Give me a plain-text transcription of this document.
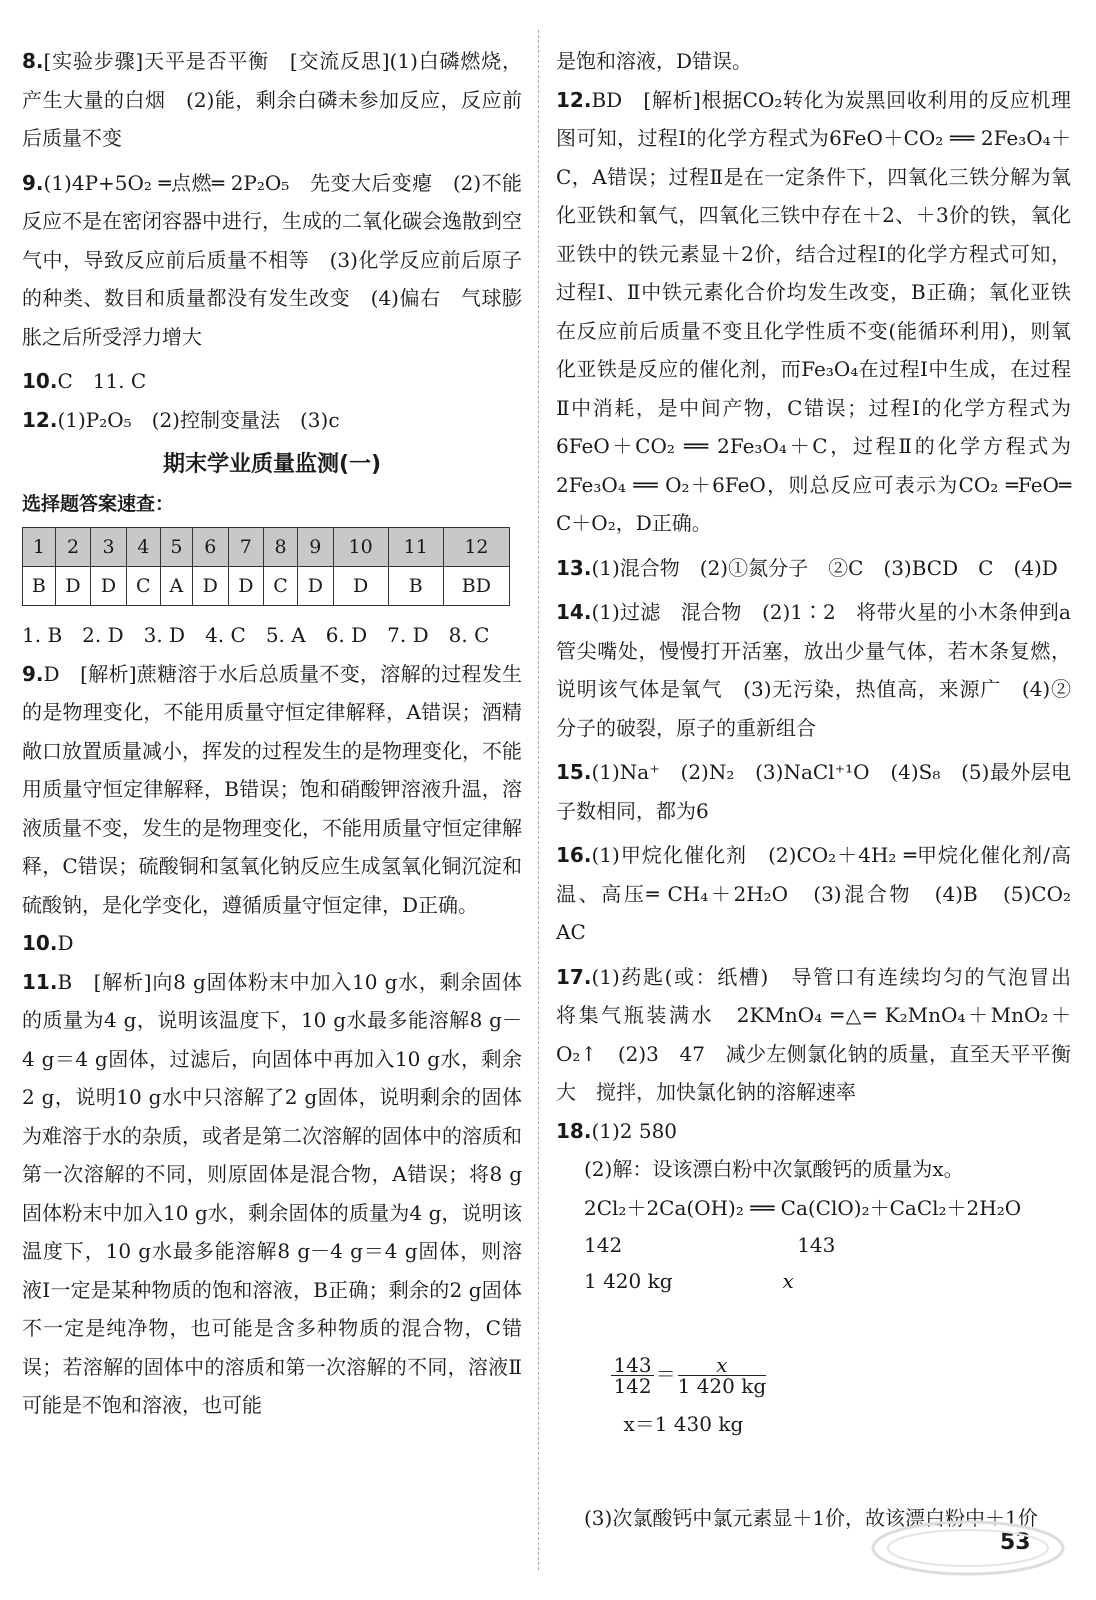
8.[实验步骤]天平是否平衡　[交流反思](1)白磷燃烧，产生大量的白烟　(2)能，剩余白磷未参加反应，反应前后质量不变

9.(1)4P+5O₂ ═点燃═ 2P₂O₅　先变大后变瘪　(2)不能　反应不是在密闭容器中进行，生成的二氧化碳会逸散到空气中，导致反应前后质量不相等　(3)化学反应前后原子的种类、数目和质量都没有发生改变　(4)偏右　气球膨胀之后所受浮力增大

10.C　11. C

12.(1)P₂O₅　(2)控制变量法　(3)c

期末学业质量监测(一)
选择题答案速查：
1	2	3	4	5	6	7	8	9	10	11	12
B	D	D	C	A	D	D	C	D	D	B	BD

1. B　2. D　3. D　4. C　5. A　6. D　7. D　8. C

9.D　[解析]蔗糖溶于水后总质量不变，溶解的过程发生的是物理变化，不能用质量守恒定律解释，A错误；酒精敞口放置质量减小，挥发的过程发生的是物理变化，不能用质量守恒定律解释，B错误；饱和硝酸钾溶液升温，溶液质量不变，发生的是物理变化，不能用质量守恒定律解释，C错误；硫酸铜和氢氧化钠反应生成氢氧化铜沉淀和硫酸钠，是化学变化，遵循质量守恒定律，D正确。

10.D

11.B　[解析]向8 g固体粉末中加入10 g水，剩余固体的质量为4 g，说明该温度下，10 g水最多能溶解8 g－4 g＝4 g固体，过滤后，向固体中再加入10 g水，剩余2 g，说明10 g水中只溶解了2 g固体，说明剩余的固体为难溶于水的杂质，或者是第二次溶解的固体中的溶质和第一次溶解的不同，则原固体是混合物，A错误；将8 g固体粉末中加入10 g水，剩余固体的质量为4 g，说明该温度下，10 g水最多能溶解8 g－4 g＝4 g固体，则溶液Ⅰ一定是某种物质的饱和溶液，B正确；剩余的2 g固体不一定是纯净物，也可能是含多种物质的混合物，C错误；若溶解的固体中的溶质和第一次溶解的不同，溶液Ⅱ可能是不饱和溶液，也可能

是饱和溶液，D错误。

12.BD　[解析]根据CO₂转化为炭黑回收利用的反应机理图可知，过程Ⅰ的化学方程式为6FeO＋CO₂ ══ 2Fe₃O₄＋C，A错误；过程Ⅱ是在一定条件下，四氧化三铁分解为氧化亚铁和氧气，四氧化三铁中存在＋2、＋3价的铁，氧化亚铁中的铁元素显＋2价，结合过程Ⅰ的化学方程式可知，过程Ⅰ、Ⅱ中铁元素化合价均发生改变，B正确；氧化亚铁在反应前后质量不变且化学性质不变(能循环利用)，则氧化亚铁是反应的催化剂，而Fe₃O₄在过程Ⅰ中生成，在过程Ⅱ中消耗，是中间产物，C错误；过程Ⅰ的化学方程式为6FeO＋CO₂ ══ 2Fe₃O₄＋C，过程Ⅱ的化学方程式为2Fe₃O₄ ══ O₂＋6FeO，则总反应可表示为CO₂ ═FeO═ C＋O₂，D正确。

13.(1)混合物　(2)①氮分子　②C　(3)BCD　C　(4)D

14.(1)过滤　混合物　(2)1∶2　将带火星的小木条伸到a管尖嘴处，慢慢打开活塞，放出少量气体，若木条复燃，说明该气体是氧气　(3)无污染，热值高，来源广　(4)②　分子的破裂，原子的重新组合

15.(1)Na⁺　(2)N₂　(3)NaCl⁺¹O　(4)S₈　(5)最外层电子数相同，都为6

16.(1)甲烷化催化剂　(2)CO₂＋4H₂ ═甲烷化催化剂/高温、高压═ CH₄＋2H₂O　(3)混合物　(4)B　(5)CO₂　AC

17.(1)药匙(或：纸槽)　导管口有连续均匀的气泡冒出　将集气瓶装满水　2KMnO₄ ═△═ K₂MnO₄＋MnO₂＋O₂↑　(2)3　47　减少左侧氯化钠的质量，直至天平平衡　大　搅拌，加快氯化钠的溶解速率

18.(1)2 580

(2)解：设该漂白粉中次氯酸钙的质量为x。

2Cl₂＋2Ca(OH)₂ ══ Ca(ClO)₂＋CaCl₂＋2H₂O

142	143
1 420 kg	x

$\frac{143}{142} = \frac{x}{1 420 kg}$

x＝1 430 kg

(3)次氯酸钙中氯元素显＋1价，故该漂白粉中＋1价

53
